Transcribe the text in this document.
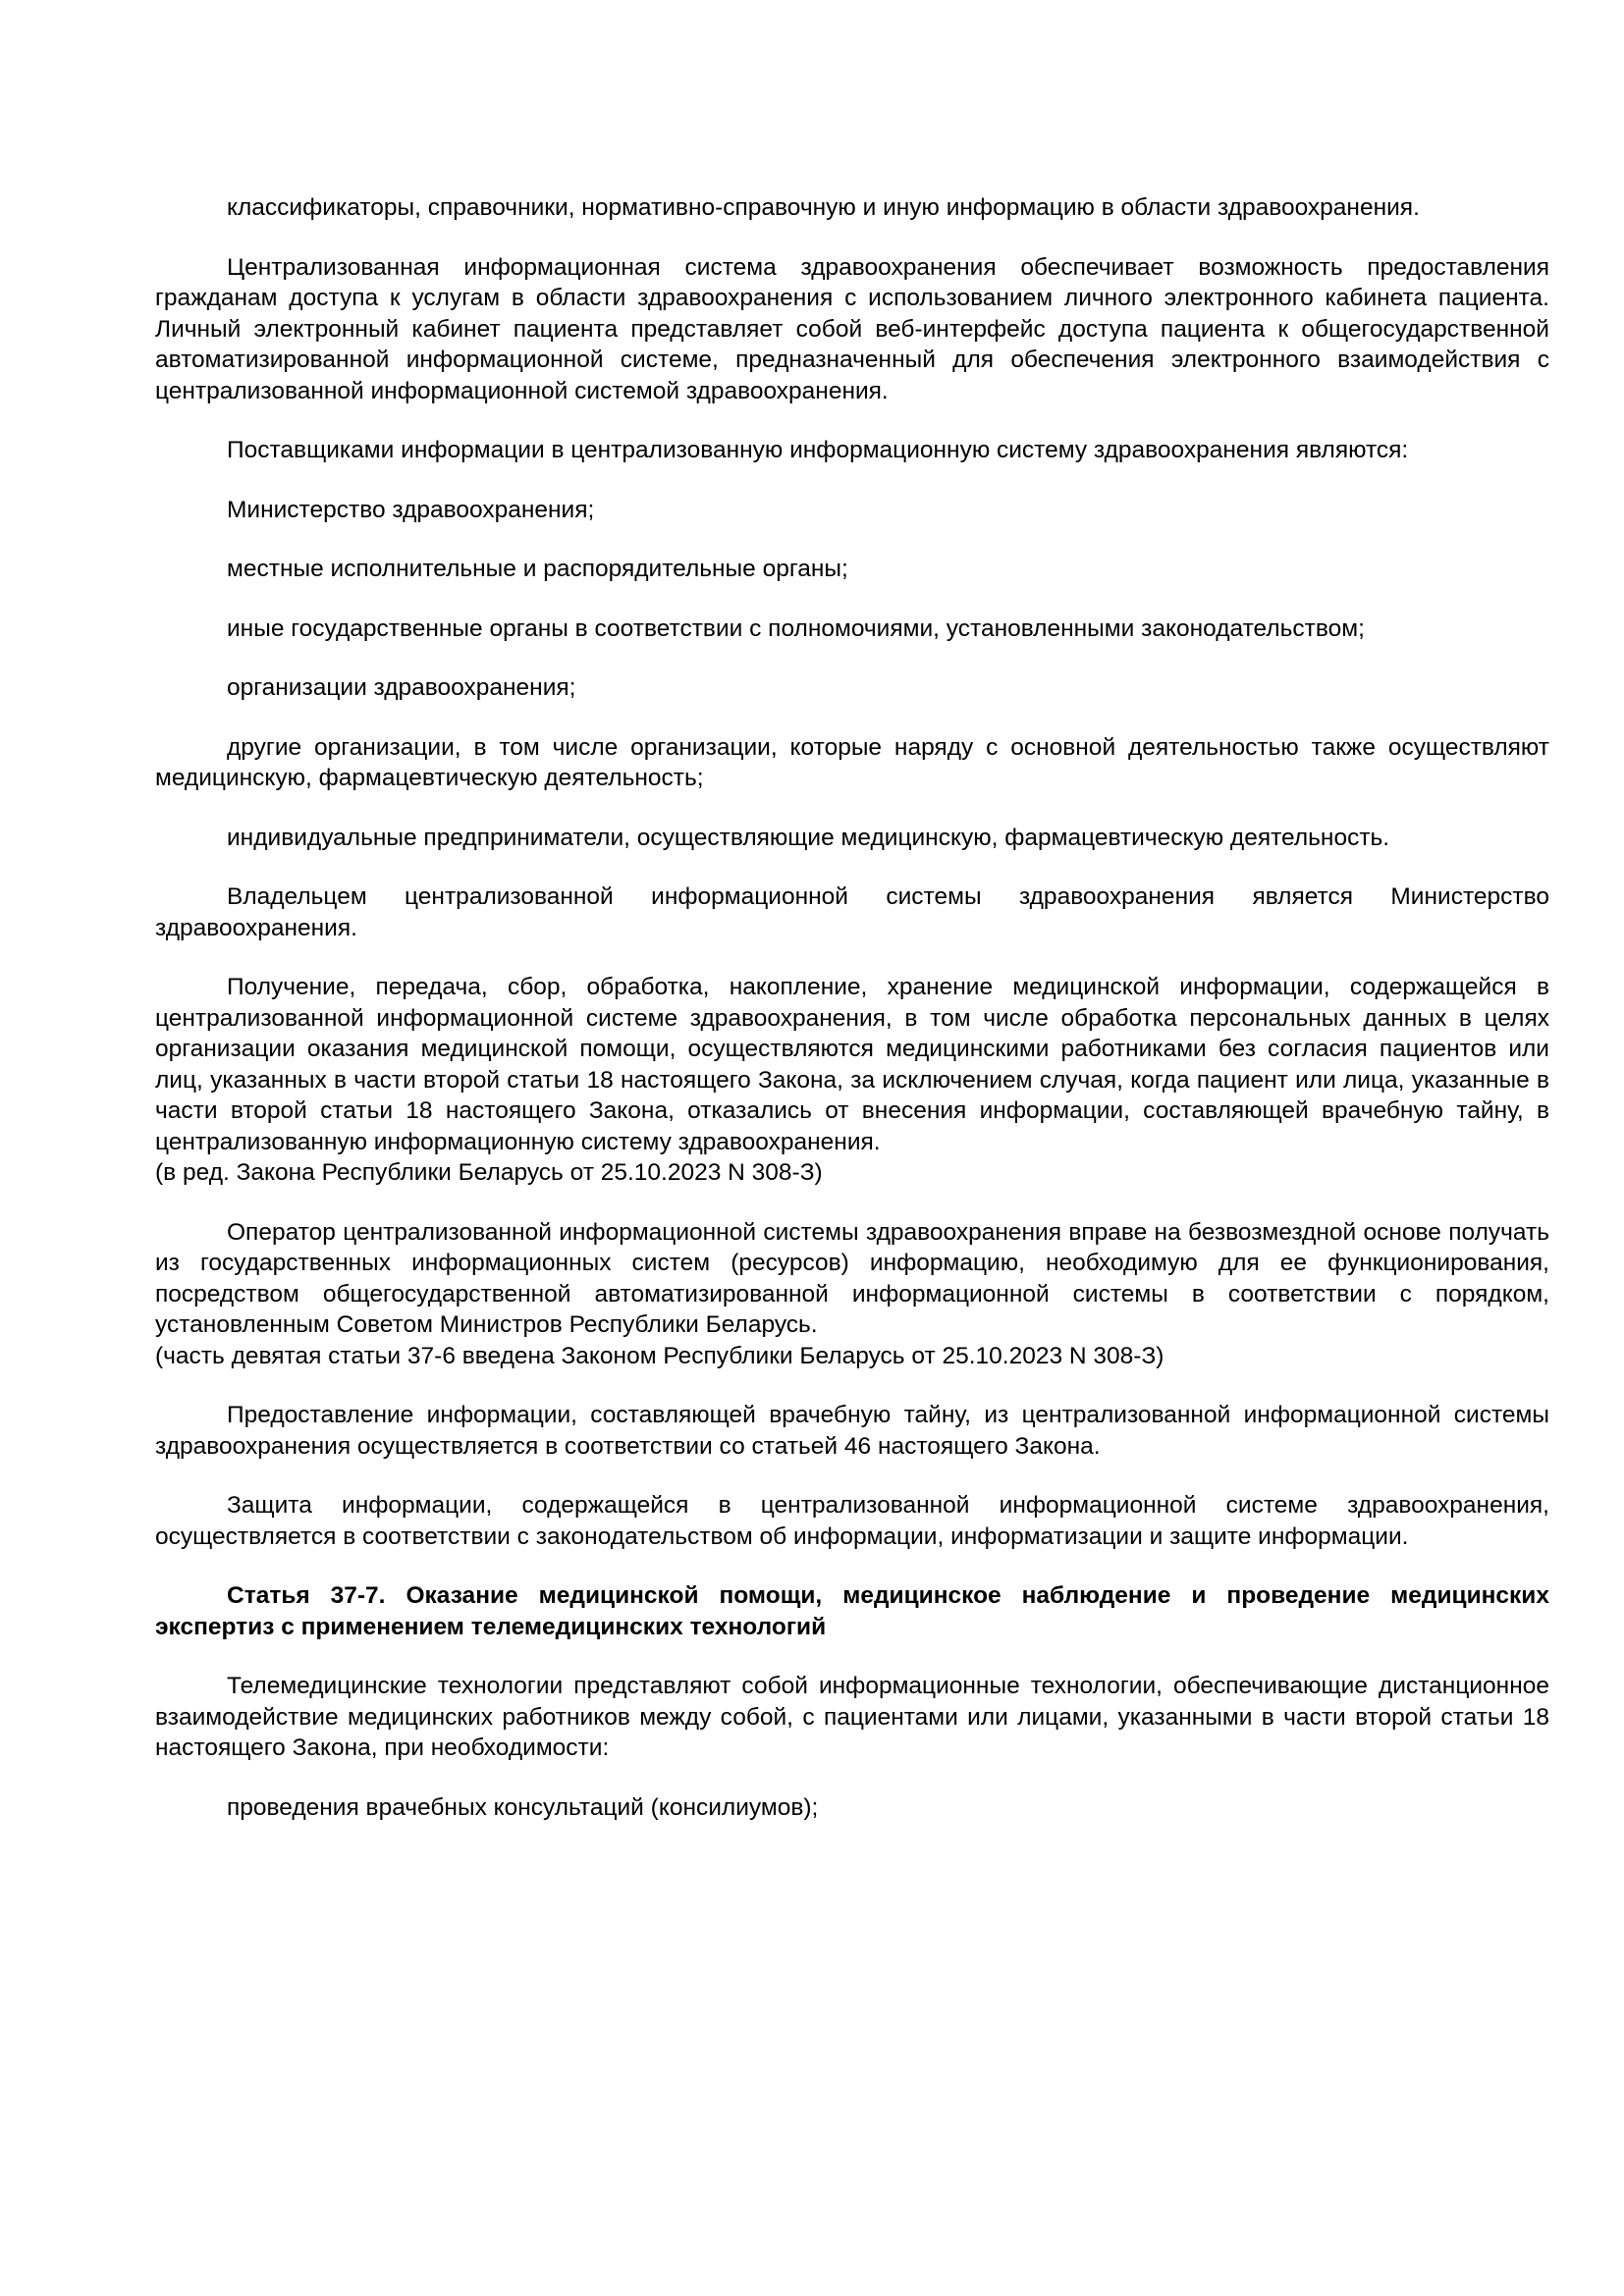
классификаторы, справочники, нормативно-справочную и иную информацию в области здравоохранения.

Централизованная информационная система здравоохранения обеспечивает возможность предоставления гражданам доступа к услугам в области здравоохранения с использованием личного электронного кабинета пациента. Личный электронный кабинет пациента представляет собой веб-интерфейс доступа пациента к общегосударственной автоматизированной информационной системе, предназначенный для обеспечения электронного взаимодействия с централизованной информационной системой здравоохранения.

Поставщиками информации в централизованную информационную систему здравоохранения являются:

Министерство здравоохранения;

местные исполнительные и распорядительные органы;

иные государственные органы в соответствии с полномочиями, установленными законодательством;

организации здравоохранения;

другие организации, в том числе организации, которые наряду с основной деятельностью также осуществляют медицинскую, фармацевтическую деятельность;

индивидуальные предприниматели, осуществляющие медицинскую, фармацевтическую деятельность.

Владельцем централизованной информационной системы здравоохранения является Министерство здравоохранения.

Получение, передача, сбор, обработка, накопление, хранение медицинской информации, содержащейся в централизованной информационной системе здравоохранения, в том числе обработка персональных данных в целях организации оказания медицинской помощи, осуществляются медицинскими работниками без согласия пациентов или лиц, указанных в части второй статьи 18 настоящего Закона, за исключением случая, когда пациент или лица, указанные в части второй статьи 18 настоящего Закона, отказались от внесения информации, составляющей врачебную тайну, в централизованную информационную систему здравоохранения.
(в ред. Закона Республики Беларусь от 25.10.2023 N 308-З)
Оператор централизованной информационной системы здравоохранения вправе на безвозмездной основе получать из государственных информационных систем (ресурсов) информацию, необходимую для ее функционирования, посредством общегосударственной автоматизированной информационной системы в соответствии с порядком, установленным Советом Министров Республики Беларусь.
(часть девятая статьи 37-6 введена Законом Республики Беларусь от 25.10.2023 N 308-З)

Предоставление информации, составляющей врачебную тайну, из централизованной информационной системы здравоохранения осуществляется в соответствии со статьей 46 настоящего Закона.

Защита информации, содержащейся в централизованной информационной системе здравоохранения, осуществляется в соответствии с законодательством об информации, информатизации и защите информации.

Статья 37-7. Оказание медицинской помощи, медицинское наблюдение и проведение медицинских экспертиз с применением телемедицинских технологий

Телемедицинские технологии представляют собой информационные технологии, обеспечивающие дистанционное взаимодействие медицинских работников между собой, с пациентами или лицами, указанными в части второй статьи 18 настоящего Закона, при необходимости:

проведения врачебных консультаций (консилиумов);
